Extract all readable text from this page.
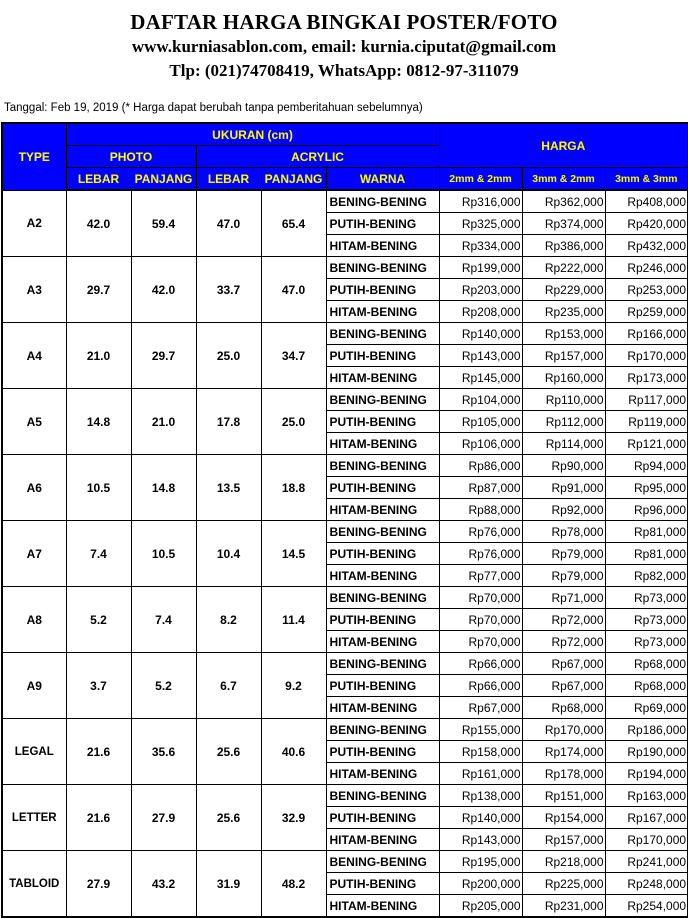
DAFTAR HARGA BINGKAI POSTER/FOTO
www.kurniasablon.com, email: kurnia.ciputat@gmail.com
Tlp: (021)74708419, WhatsApp: 0812-97-311079
Tanggal: Feb 19, 2019 (* Harga dapat berubah tanpa pemberitahuan sebelumnya)
TYPE	UKURAN (cm)					HARGA		
	PHOTO		ACRYLIC					
	LEBAR	PANJANG	LEBAR	PANJANG	WARNA	2mm & 2mm	3mm & 2mm	3mm & 3mm
A2	42.0	59.4	47.0	65.4	BENING-BENING	Rp316,000	Rp362,000	Rp408,000
					PUTIH-BENING	Rp325,000	Rp374,000	Rp420,000
					HITAM-BENING	Rp334,000	Rp386,000	Rp432,000
A3	29.7	42.0	33.7	47.0	BENING-BENING	Rp199,000	Rp222,000	Rp246,000
					PUTIH-BENING	Rp203,000	Rp229,000	Rp253,000
					HITAM-BENING	Rp208,000	Rp235,000	Rp259,000
A4	21.0	29.7	25.0	34.7	BENING-BENING	Rp140,000	Rp153,000	Rp166,000
					PUTIH-BENING	Rp143,000	Rp157,000	Rp170,000
					HITAM-BENING	Rp145,000	Rp160,000	Rp173,000
A5	14.8	21.0	17.8	25.0	BENING-BENING	Rp104,000	Rp110,000	Rp117,000
					PUTIH-BENING	Rp105,000	Rp112,000	Rp119,000
					HITAM-BENING	Rp106,000	Rp114,000	Rp121,000
A6	10.5	14.8	13.5	18.8	BENING-BENING	Rp86,000	Rp90,000	Rp94,000
					PUTIH-BENING	Rp87,000	Rp91,000	Rp95,000
					HITAM-BENING	Rp88,000	Rp92,000	Rp96,000
A7	7.4	10.5	10.4	14.5	BENING-BENING	Rp76,000	Rp78,000	Rp81,000
					PUTIH-BENING	Rp76,000	Rp79,000	Rp81,000
					HITAM-BENING	Rp77,000	Rp79,000	Rp82,000
A8	5.2	7.4	8.2	11.4	BENING-BENING	Rp70,000	Rp71,000	Rp73,000
					PUTIH-BENING	Rp70,000	Rp72,000	Rp73,000
					HITAM-BENING	Rp70,000	Rp72,000	Rp73,000
A9	3.7	5.2	6.7	9.2	BENING-BENING	Rp66,000	Rp67,000	Rp68,000
					PUTIH-BENING	Rp66,000	Rp67,000	Rp68,000
					HITAM-BENING	Rp67,000	Rp68,000	Rp69,000
LEGAL	21.6	35.6	25.6	40.6	BENING-BENING	Rp155,000	Rp170,000	Rp186,000
					PUTIH-BENING	Rp158,000	Rp174,000	Rp190,000
					HITAM-BENING	Rp161,000	Rp178,000	Rp194,000
LETTER	21.6	27.9	25.6	32.9	BENING-BENING	Rp138,000	Rp151,000	Rp163,000
					PUTIH-BENING	Rp140,000	Rp154,000	Rp167,000
					HITAM-BENING	Rp143,000	Rp157,000	Rp170,000
TABLOID	27.9	43.2	31.9	48.2	BENING-BENING	Rp195,000	Rp218,000	Rp241,000
					PUTIH-BENING	Rp200,000	Rp225,000	Rp248,000
					HITAM-BENING	Rp205,000	Rp231,000	Rp254,000
